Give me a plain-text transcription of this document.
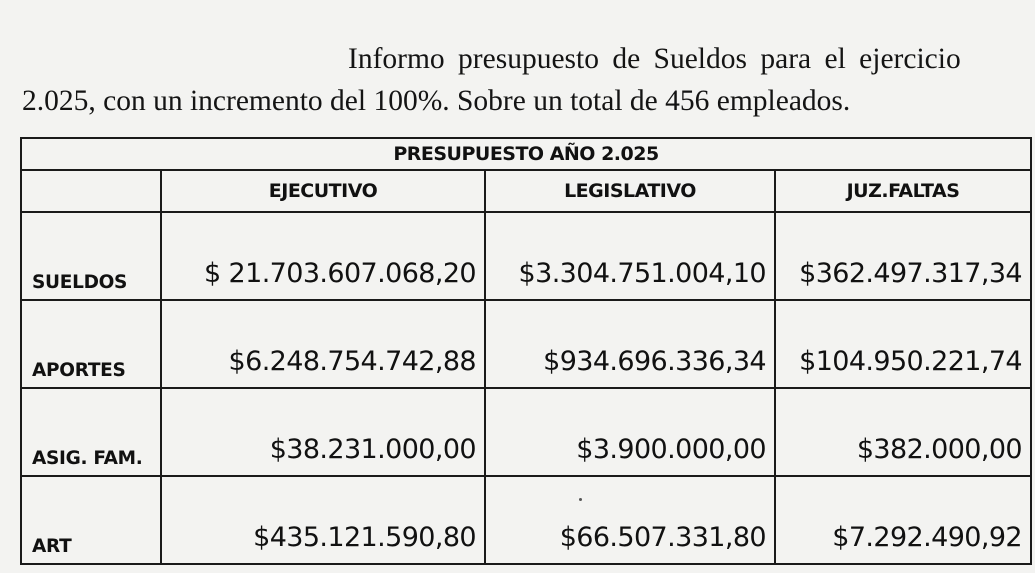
Informo presupuesto de Sueldos para el ejercicio
2.025, con un incremento del 100%. Sobre un total de 456 empleados.
PRESUPUESTO AÑO 2.025			
	EJECUTIVO	LEGISLATIVO	JUZ.FALTAS
SUELDOS	$ 21.703.607.068,20	$3.304.751.004,10	$362.497.317,34
APORTES	$6.248.754.742,88	$934.696.336,34	$104.950.221,74
ASIG. FAM.	$38.231.000,00	$3.900.000,00	$382.000,00
ART	$435.121.590,80	$66.507.331,80	$7.292.490,92
